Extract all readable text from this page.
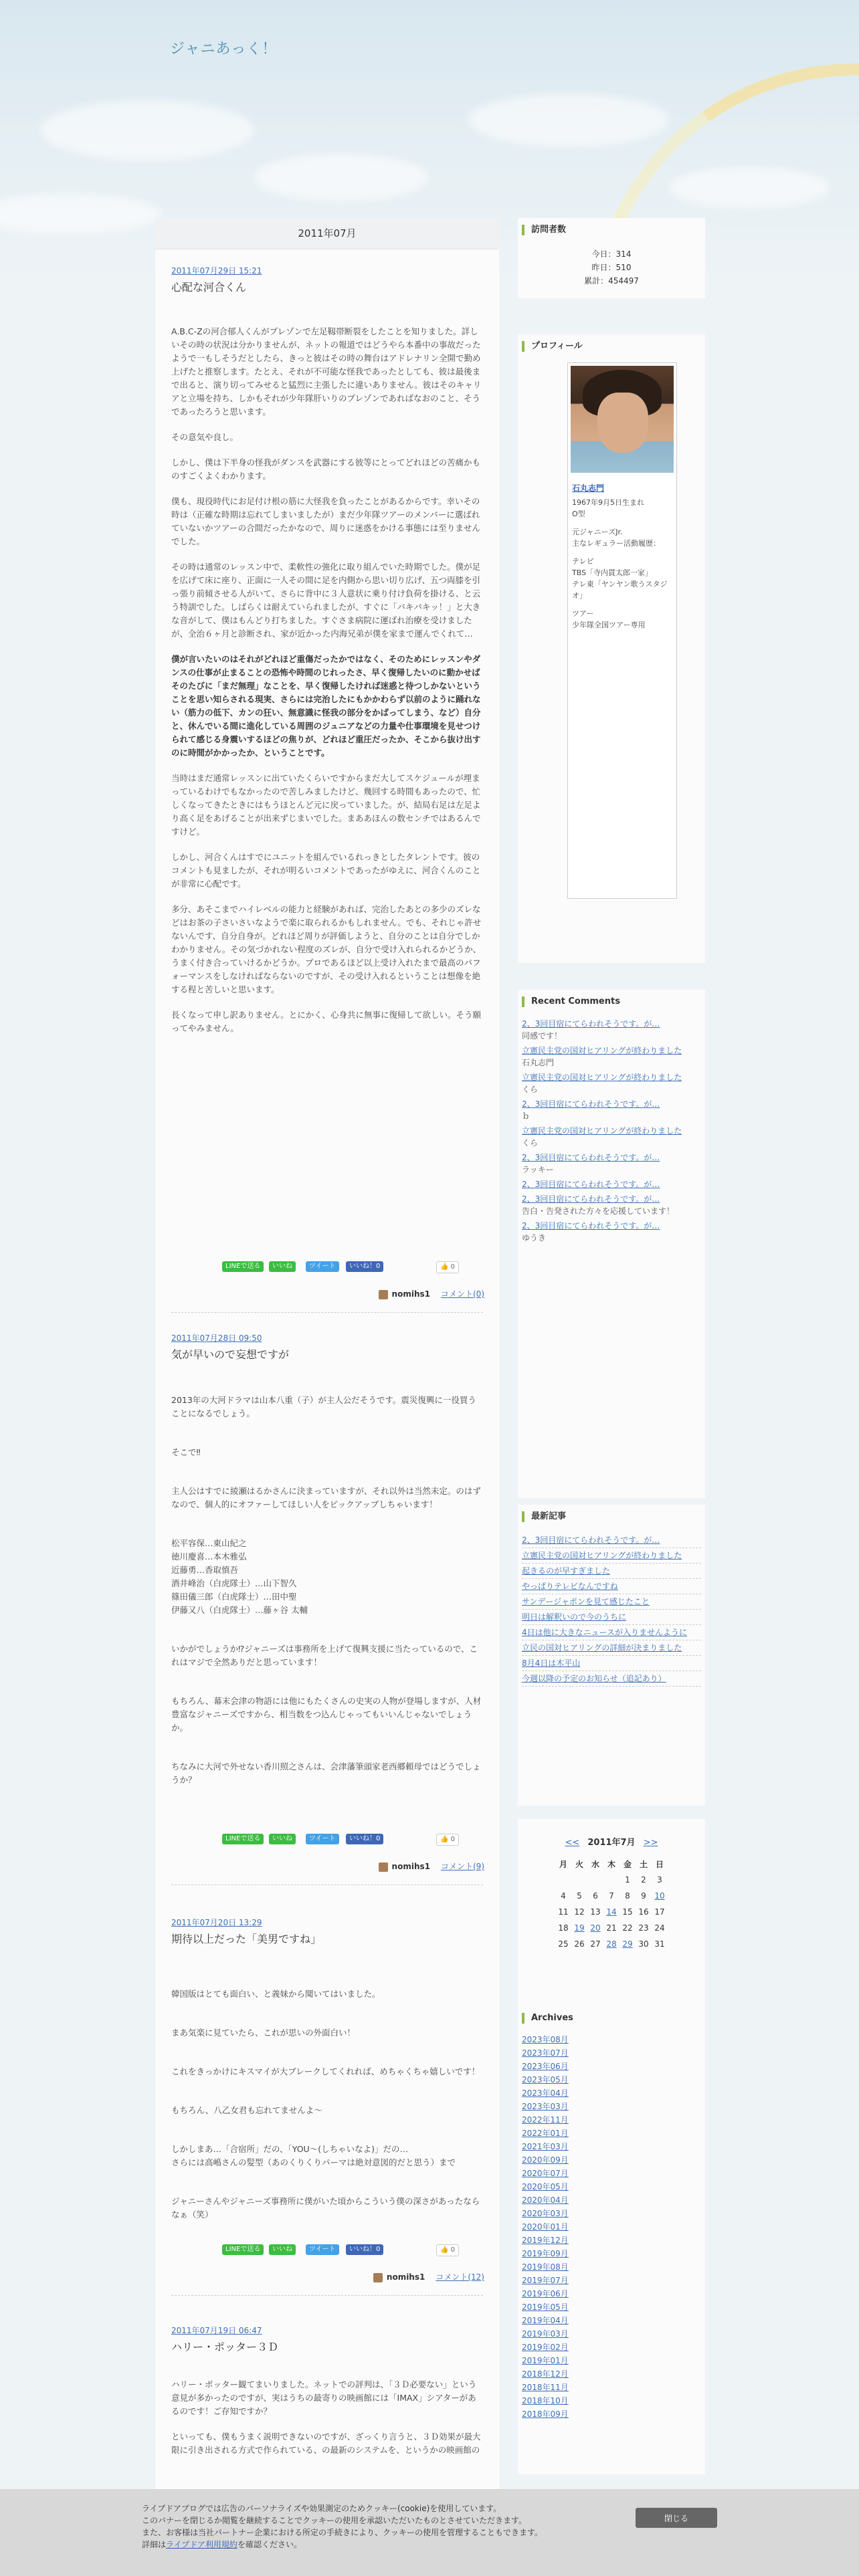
ジャニあっく！
2011年07月
2011年07月29日 15:21
心配な河合くん

A.B.C-Zの河合郁人くんがプレゾンで左足靱帯断裂をしたことを知りました。詳しいその時の状況は分かりませんが、ネットの報道ではどうやら本番中の事故だったようで一もしそうだとしたら、きっと彼はその時の舞台はアドレナリン全開で勤め上げたと推察します。たとえ、それが不可能な怪我であったとしても、彼は最後まで出ると、演り切ってみせると猛烈に主張したに違いありません。彼はそのキャリアと立場を持ち、しかもそれが少年隊肝いりのプレゾンであればなおのこと、そうであったろうと思います。

その意気や良し。

しかし、僕は下半身の怪我がダンスを武器にする彼等にとってどれほどの苦痛かものすごくよくわかります。

僕も、現役時代にお足付け根の筋に大怪我を負ったことがあるからです。幸いその時は（正確な時期は忘れてしまいましたが）まだ少年隊ツアーのメンバーに選ばれていないかツアーの合間だったかなので、周りに迷惑をかける事態には至りませんでした。

その時は通常のレッスン中で、柔軟性の強化に取り組んでいた時期でした。僕が足を広げて床に座り、正面に一人その間に足を内側から思い切り広げ、五つ両膝を引っ張り前傾させる人がいて、さらに背中に３人意状に乗り付け負荷を掛ける、と云う特訓でした。しばらくは耐えていられましたが、すぐに「バキバキッ！」と大きな音がして、僕はもんどり打ちました。すぐさま病院に運ばれ治療を受けましたが、全治６ヶ月と診断され、家が近かった内海兄弟が僕を家まで運んでくれて…

僕が言いたいのはそれがどれほど重傷だったかではなく、そのためにレッスンやダンスの仕事が止まることの恐怖や時間のじれったさ、早く復帰したいのに動かせばそのたびに「まだ無理」なことを、早く復帰したければ迷惑と待つしかないということを思い知らされる現実、さらには完治したにもかかわらず以前のように踊れない（筋力の低下、カンの狂い、無意識に怪我の部分をかばってしまう、など）自分と、休んでいる間に進化している周囲のジュニアなどの力量や仕事環境を見せつけられて感じる身震いするほどの焦りが、どれほど重圧だったか、そこから抜け出すのに時間がかかったか、ということです。

当時はまだ通常レッスンに出ていたくらいですからまだ大してスケジュールが埋まっているわけでもなかったので苦しみましたけど、幾回する時間もあったので、忙しくなってきたときにはもうほとんど元に戻っていました。が、結局右足は左足より高く足をあげることが出来ずじまいでした。まああほんの数センチではあるんですけど。

しかし、河合くんはすでにユニットを組んでいるれっきとしたタレントです。彼のコメントも見ましたが、それが明るいコメントであったがゆえに、河合くんのことが非常に心配です。

多分、あそこまでハイレベルの能力と経験があれば、完治したあとの多少のズレなどはお茶の子さいさいなようで楽に取られるかもしれません。でも、それじゃ許せないんです、自分自身が。どれほど周りが評価しようと、自分のことは自分でしかわかりません。その気づかれない程度のズレが、自分で受け入れられるかどうか、うまく付き合っていけるかどうか。プロであるほど以上受け入れたまで最高のパフォーマンスをしなければならないのですが、その受け入れるということは想像を絶する程と苦しいと思います。

長くなって申し訳ありません。とにかく、心身共に無事に復帰して欲しい。そう願ってやみません。

LINEで送る	いいね	ツイート	いいね！0	👍 0
nomihs1 コメント(0)
2011年07月28日 09:50
気が早いので妄想ですが

2013年の大河ドラマは山本八重（子）が主人公だそうです。震災復興に一役買うことになるでしょう。

そこで‼

主人公はすでに綾瀬はるかさんに決まっていますが、それ以外は当然未定。のはずなので、個人的にオファーしてほしい人をピックアップしちゃいます！

松平容保…東山紀之
徳川慶喜…本木雅弘
近藤勇…香取慎吾
酒井峰治（白虎隊士）…山下智久
篠田儀三郎（白虎隊士）…田中聖
伊藤又八（白虎隊士）…藤ヶ谷 太輔

いかがでしょうか⁉ジャニーズは事務所を上げて復興支援に当たっているので、これはマジで全然ありだと思っています！

もちろん、幕末会津の物語には他にもたくさんの史実の人物が登場しますが、人材豊富なジャニーズですから、相当数をつ込んじゃってもいいんじゃないでしょうか。

ちなみに大河で外せない香川照之さんは、会津藩筆頭家老西郷頼母ではどうでしょうか？

LINEで送る	いいね	ツイート	いいね！0	👍 0
nomihs1 コメント(9)
2011年07月20日 13:29
期待以上だった「美男ですね」

韓国版はとても面白い、と義妹から聞いてはいました。

まあ気楽に見ていたら、これが思いの外面白い！

これをきっかけにキスマイが大ブレークしてくれれば、めちゃくちゃ嬉しいです！

もちろん、八乙女君も忘れてませんよ〜

しかしまあ…「合宿所」だの、「YOU〜(しちゃいなよ)」だの…
さらには高嶋さんの髪型（あのくりくりパーマは絶対意図的だと思う）まで

ジャニーさんやジャニーズ事務所に僕がいた頃からこういう僕の深さがあったならなぁ（笑）

LINEで送る	いいね	ツイート	いいね！0	👍 0
nomihs1 コメント(12)
2011年07月19日 06:47
ハリー・ポッター３Ｄ

ハリー・ポッター観てまいりました。ネットでの評判は、「３Ｄ必要ない」という意見が多かったのですが、実はうちの最寄りの映画館には「IMAX」シアターがあるのです！ご存知ですか？

といっても、僕もうまく説明できないのですが、ざっくり言うと、３Ｄ効果が最大限に引き出される方式で作られている、の最新のシステムを、というかの映画館の

訪問者数
今日：314
昨日：510
累計：454497
プロフィール
石丸志門
1967年9月5日生まれ
O型
元ジャニーズJr.
主なレギュラー活動履歴：
テレビ
TBS「寺内貫太郎一家」
テレ東「ヤンヤン歌うスタジオ」
ツアー
少年隊全国ツアー専用
Recent Comments
2、3回目宿にてらわれそうです。が…
同感です！
立憲民主党の国対ヒアリングが終わりました
石丸志門
立憲民主党の国対ヒアリングが終わりました
くら
2、3回目宿にてらわれそうです。が…
ｂ
立憲民主党の国対ヒアリングが終わりました
くら
2、3回目宿にてらわれそうです。が…
ラッキー
2、3回目宿にてらわれそうです。が…
2、3回目宿にてらわれそうです。が…
告白・告発された方々を応援しています！
2、3回目宿にてらわれそうです。が…
ゆうき
最新記事
2、3回目宿にてらわれそうです。が…
立憲民主党の国対ヒアリングが終わりました
起きるのが早すぎました
やっぱりテレビなんですね
サンデージャポンを見て感じたこと
明日は解釈いので今のうちに
4日は他に大きなニュースが入りませんように
立民の国対ヒアリングの詳細が決まりました
8月4日は木平山
今週以降の予定のお知らせ（追記あり）
<< 2011年7月 >>
月	火	水	木	金	土	日
				1	2	3
4	5	6	7	8	9	10
11	12	13	14	15	16	17
18	19	20	21	22	23	24
25	26	27	28	29	30	31
Archives
2023年08月
2023年07月
2023年06月
2023年05月
2023年04月
2023年03月
2022年11月
2022年01月
2021年03月
2020年09月
2020年07月
2020年05月
2020年04月
2020年03月
2020年01月
2019年12月
2019年09月
2019年08月
2019年07月
2019年06月
2019年05月
2019年04月
2019年03月
2019年02月
2019年01月
2018年12月
2018年11月
2018年10月
2018年09月
ライブドアブログでは広告のパーソナライズや効果測定のためクッキー(cookie)を使用しています。
このバナーを閉じるか閲覧を継続することでクッキーの使用を承認いただいたものとさせていただきます。
また、お客様は当社パートナー企業における所定の手続きにより、クッキーの使用を管理することもできます。
詳細はライブドア利用規約を確認ください。
閉じる
